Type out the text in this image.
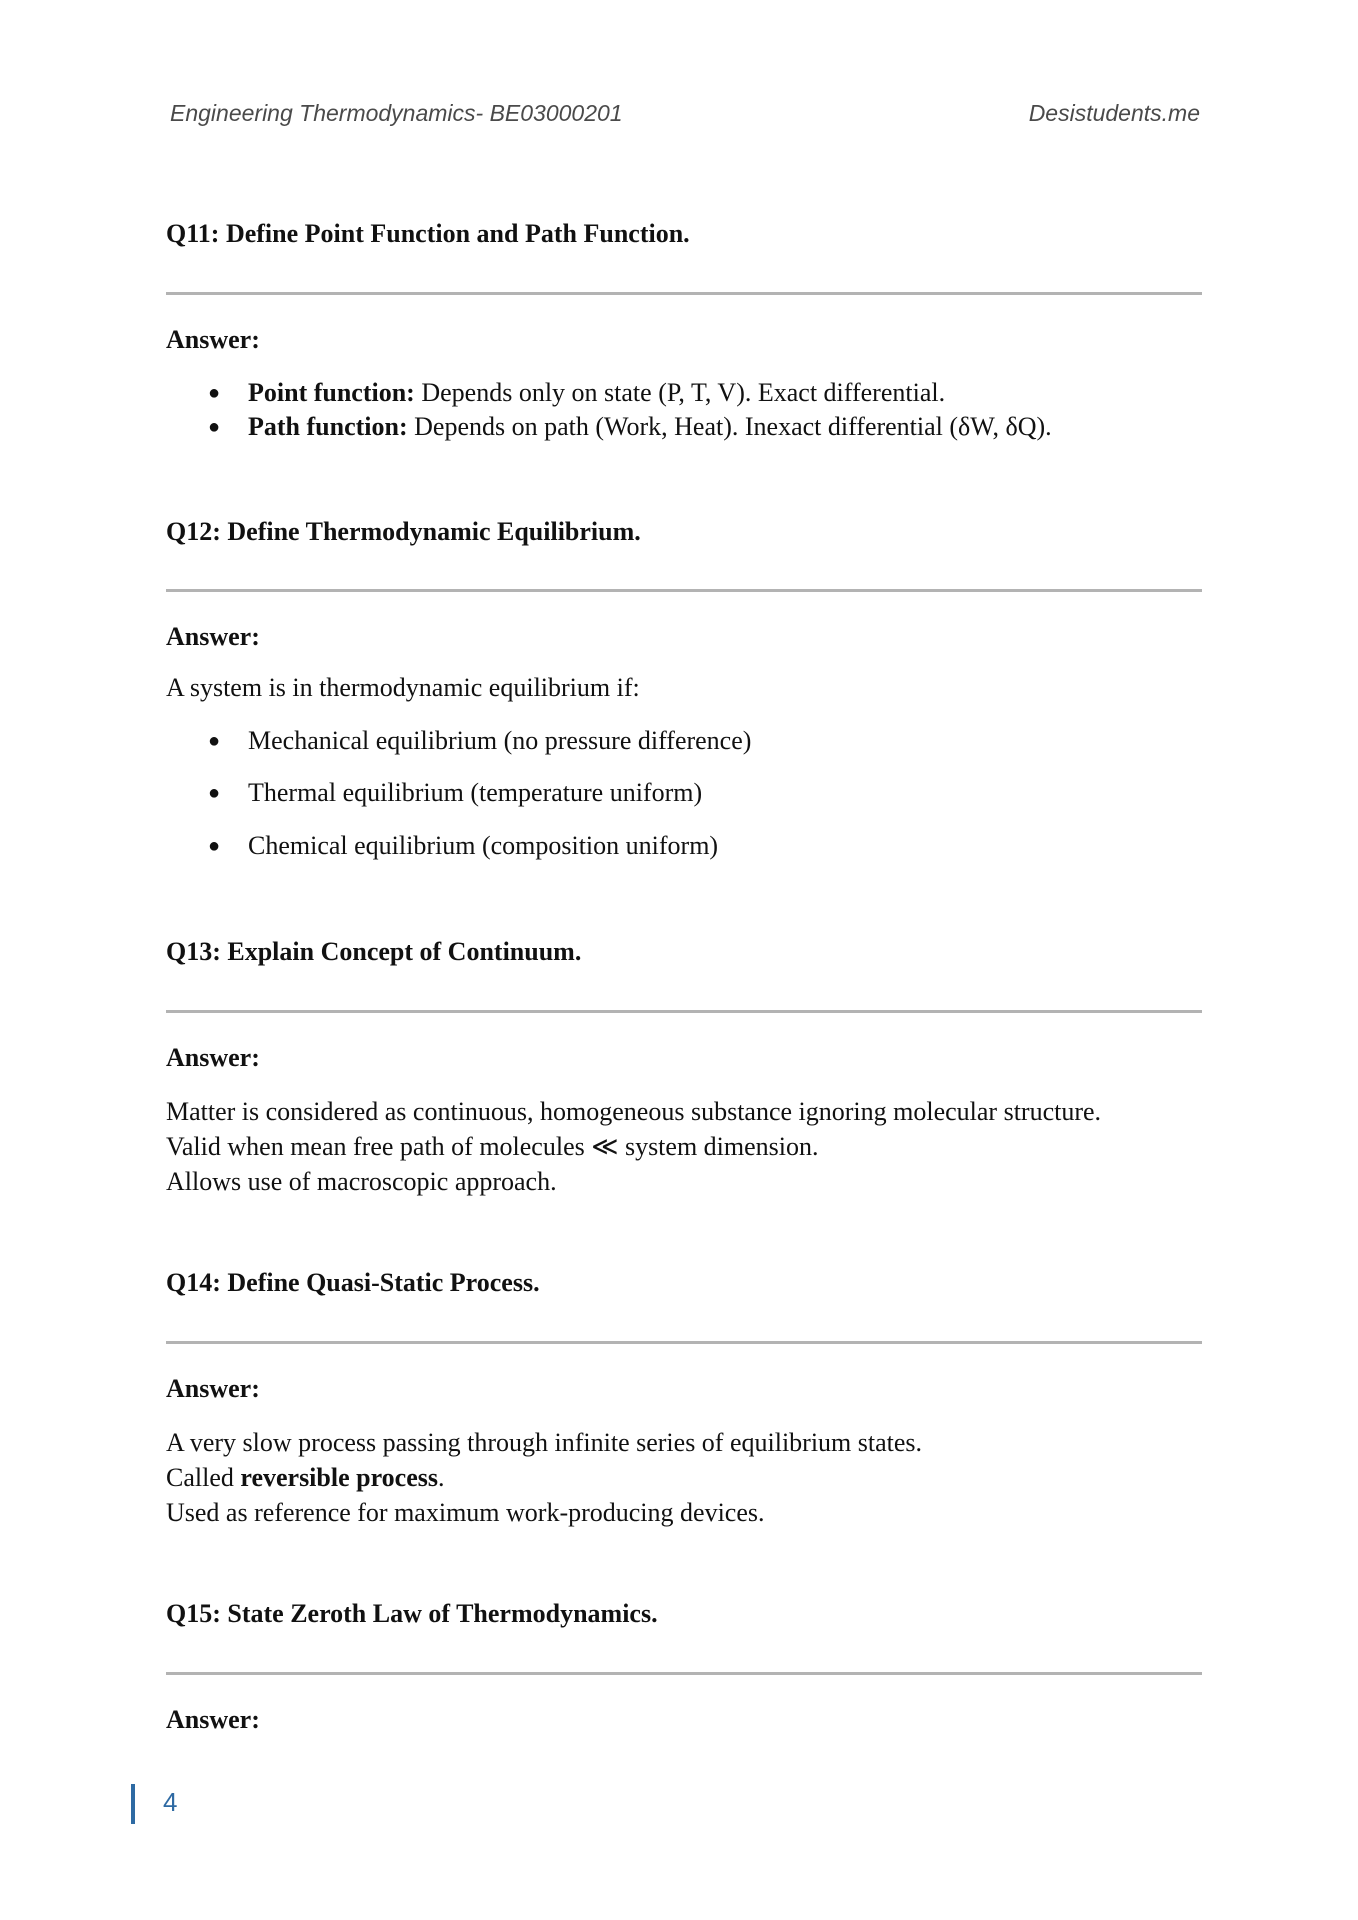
Engineering Thermodynamics- BE03000201	Desistudents.me
Q11: Define Point Function and Path Function.
Answer:
● Point function: Depends only on state (P, T, V). Exact differential.
● Path function: Depends on path (Work, Heat). Inexact differential (δW, δQ).
Q12: Define Thermodynamic Equilibrium.
Answer:
A system is in thermodynamic equilibrium if:
● Mechanical equilibrium (no pressure difference)
● Thermal equilibrium (temperature uniform)
● Chemical equilibrium (composition uniform)
Q13: Explain Concept of Continuum.
Answer:
Matter is considered as continuous, homogeneous substance ignoring molecular structure.
Valid when mean free path of molecules ≪ system dimension.
Allows use of macroscopic approach.
Q14: Define Quasi-Static Process.
Answer:
A very slow process passing through infinite series of equilibrium states.
Called reversible process.
Used as reference for maximum work-producing devices.
Q15: State Zeroth Law of Thermodynamics.
Answer:
4
